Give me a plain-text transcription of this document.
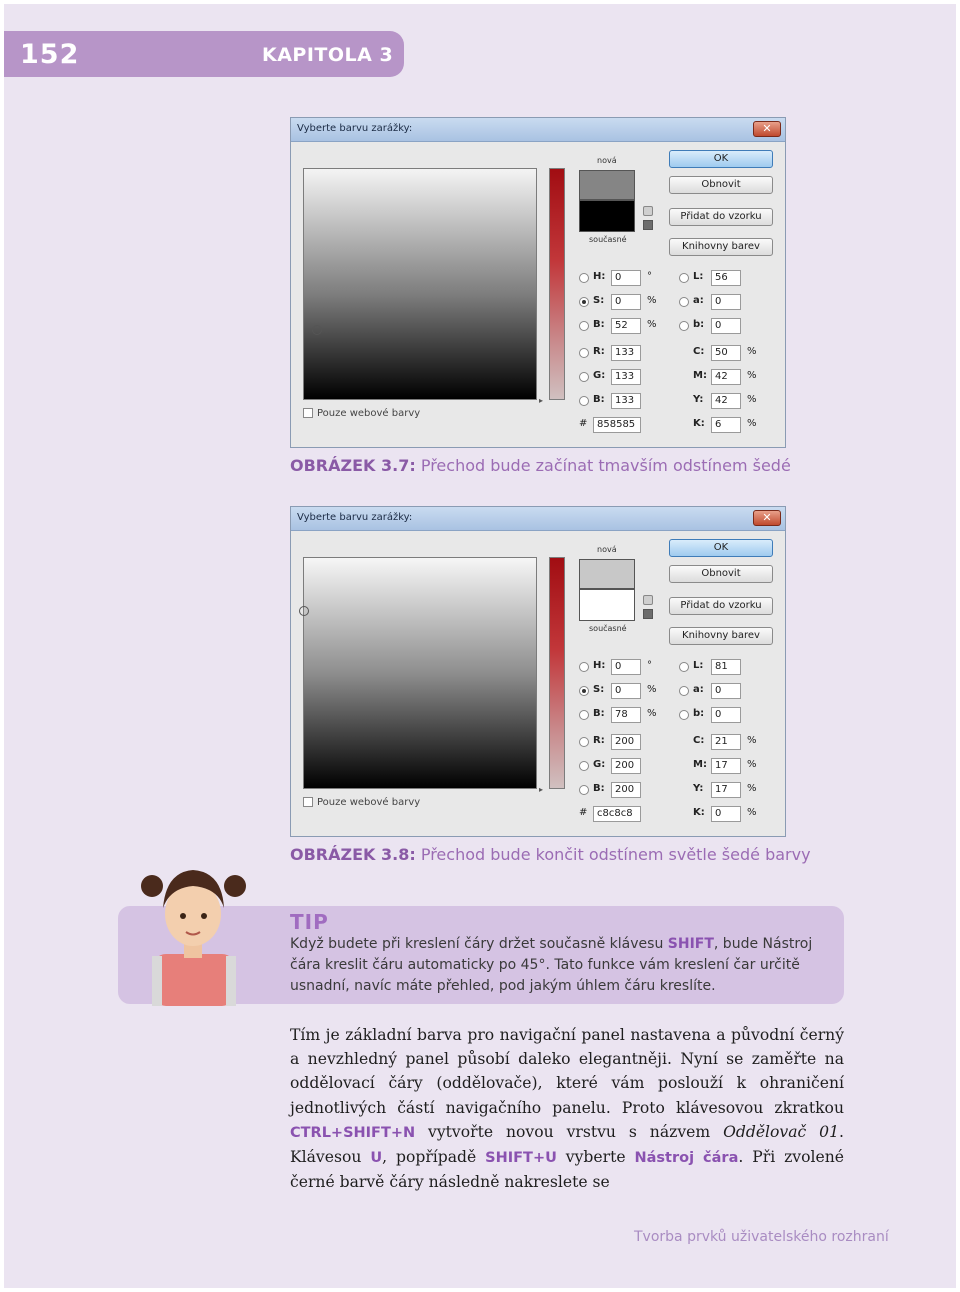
152	KAPITOLA 3
Vyberte barvu zarážky:	✕
▸
nová
současné
OK
Obnovit
Přidat do vzorku
Knihovny barev
H: 0	°
S:	0	%
B:	52	%
R:	133
G: 133
B:	133
L:	56
a:	0
b:	0
C:	50	%
M: 42	%
Y:	42	%
K:	6	%
Pouze webové barvy
# 858585
OBRÁZEK 3.7: Přechod bude začínat tmavším odstínem šedé
Vyberte barvu zarážky:	✕
▸
nová
současné
OK
Obnovit
Přidat do vzorku
Knihovny barev
H: 0	°
S:	0	%
B:	78	%
R:	200
G: 200
B:	200
L:	81
a:	0
b:	0
C:	21	%
M: 17	%
Y:	17	%
K:	0	%
Pouze webové barvy
# c8c8c8
OBRÁZEK 3.8: Přechod bude končit odstínem světle šedé barvy
TIP
Když budete při kreslení čáry držet současně klávesu SHIFT, bude Nástroj čára kreslit čáru automaticky po 45°. Tato funkce vám kreslení čar určitě usnadní, navíc máte přehled, pod jakým úhlem čáru kreslíte.
Tím je základní barva pro navigační panel nastavena a původní černý a nevzhledný panel působí daleko elegantněji. Nyní se zaměřte na oddělovací čáry (oddělovače), které vám poslouží k ohraničení jednotlivých částí navigačního panelu. Proto klávesovou zkratkou CTRL+SHIFT+N vytvořte novou vrstvu s názvem Oddělovač 01. Klávesou U, popřípadě SHIFT+U vyberte Nástroj čára. Při zvolené černé barvě čáry následně nakreslete se
Tvorba prvků uživatelského rozhraní
